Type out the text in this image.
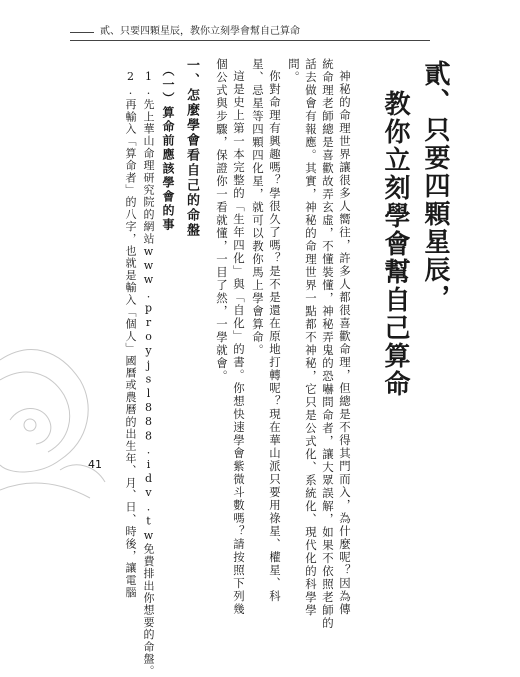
貳、只要四顆星辰，教你立刻學會幫自己算命
貳、只要四顆星辰，
教你立刻學會幫自己算命
神秘的命理世界讓很多人嚮往，許多人都很喜歡命理，但總是不得其門而入，為什麼呢？因為傳
統命理老師總是喜歡故弄玄虛，不懂裝懂，神秘弄鬼的恐嚇問命者，讓大眾誤解，如果不依照老師的
話去做會有報應。其實，神秘的命理世界一點都不神秘，它只是公式化、系統化、現代化的科學學
問。
你對命理有興趣嗎？學很久了嗎？是不是還在原地打轉呢？現在華山派只要用祿星、權星、科
星、忌星等四顆四化星，就可以教你馬上學會算命。
這是史上第一本完整的「生年四化」與「自化」的書。你想快速學會紫微斗數嗎？請按照下列幾
個公式與步驟，保證你一看就懂，一目了然，一學就會。
一、怎麼學會看自己的命盤
（一）算命前應該學會的事
1.先上華山命理研究院的網站www.proyjsl888.idv.tw免費排出你想要的命盤。
2.再輸入「算命者」的八字，也就是輸入「個人」國曆或農曆的出生年、月、日、時後，讓電腦
41
